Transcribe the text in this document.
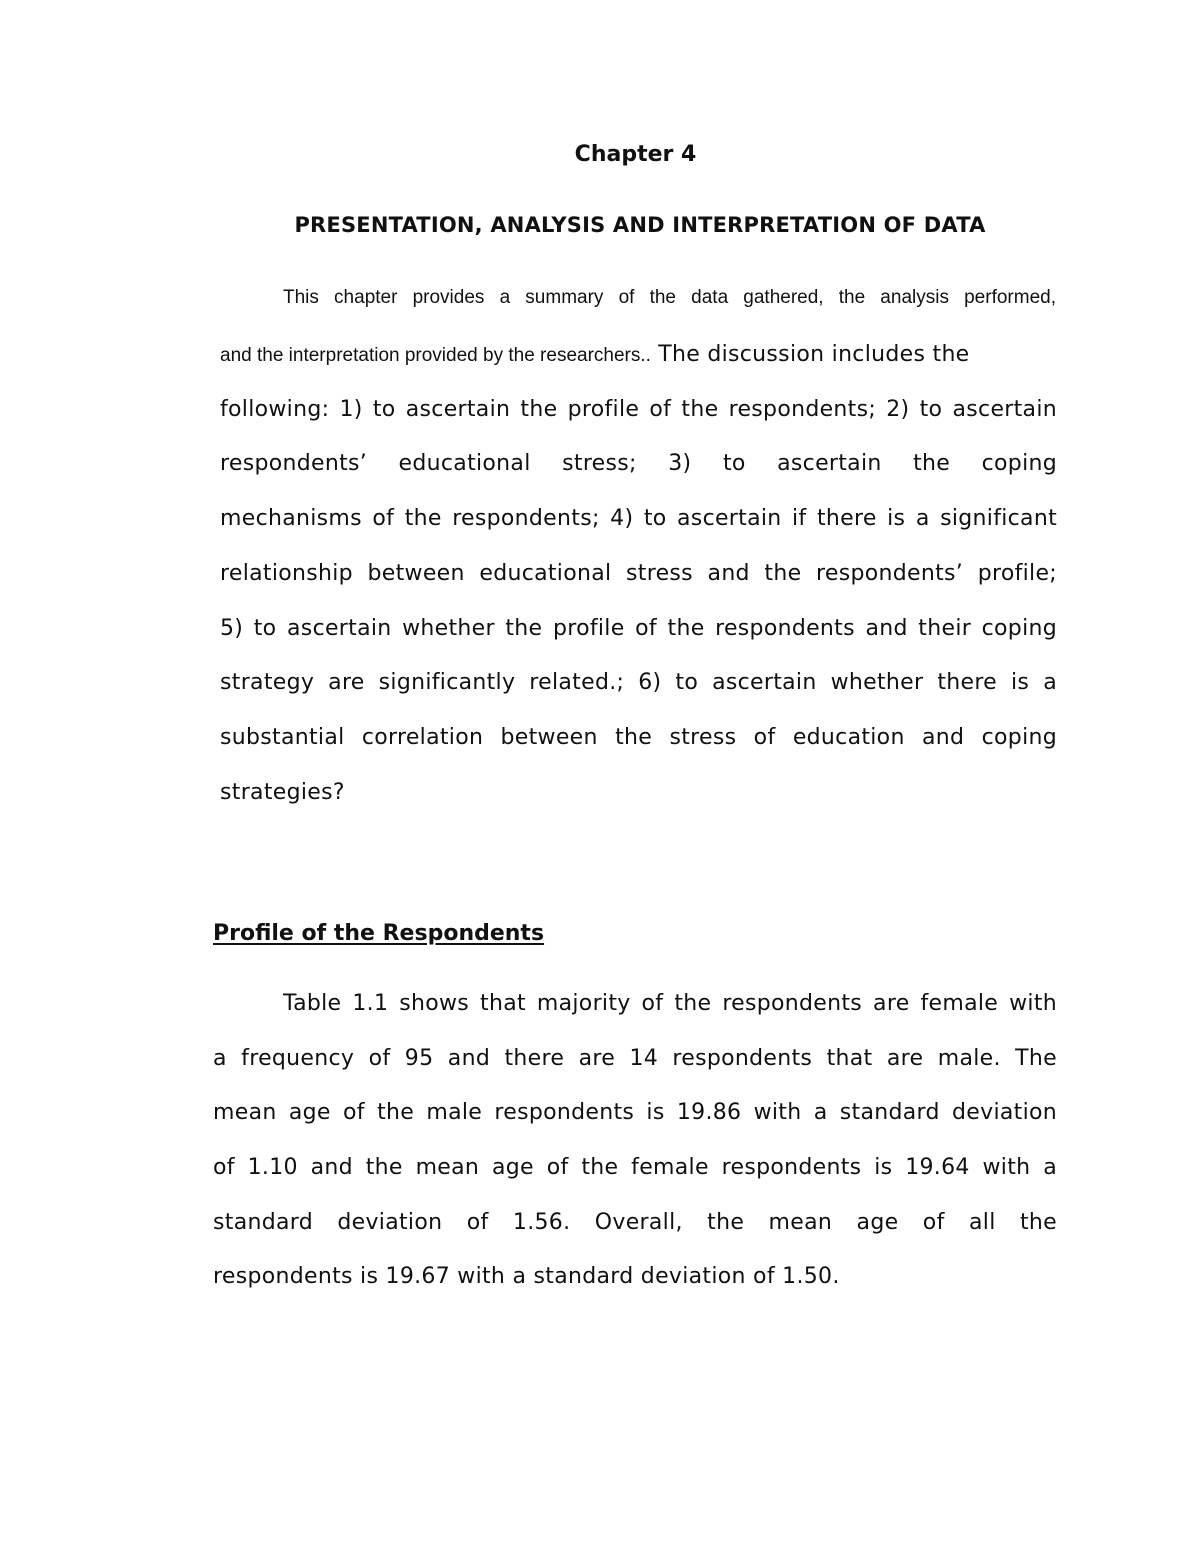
Chapter 4
PRESENTATION, ANALYSIS AND INTERPRETATION OF DATA
This chapter provides a summary of the data gathered, the analysis performed,
and the interpretation provided by the researchers.. The discussion includes the
following: 1) to ascertain the profile of the respondents; 2) to ascertain
respondents’ educational stress; 3) to ascertain the coping
mechanisms of the respondents; 4) to ascertain if there is a significant
relationship between educational stress and the respondents’ profile;
5) to ascertain whether the profile of the respondents and their coping
strategy are significantly related.; 6) to ascertain whether there is a
substantial correlation between the stress of education and coping
strategies?
Profile of the Respondents
Table 1.1 shows that majority of the respondents are female with
a frequency of 95 and there are 14 respondents that are male. The
mean age of the male respondents is 19.86 with a standard deviation
of 1.10 and the mean age of the female respondents is 19.64 with a
standard deviation of 1.56. Overall, the mean age of all the
respondents is 19.67 with a standard deviation of 1.50.
